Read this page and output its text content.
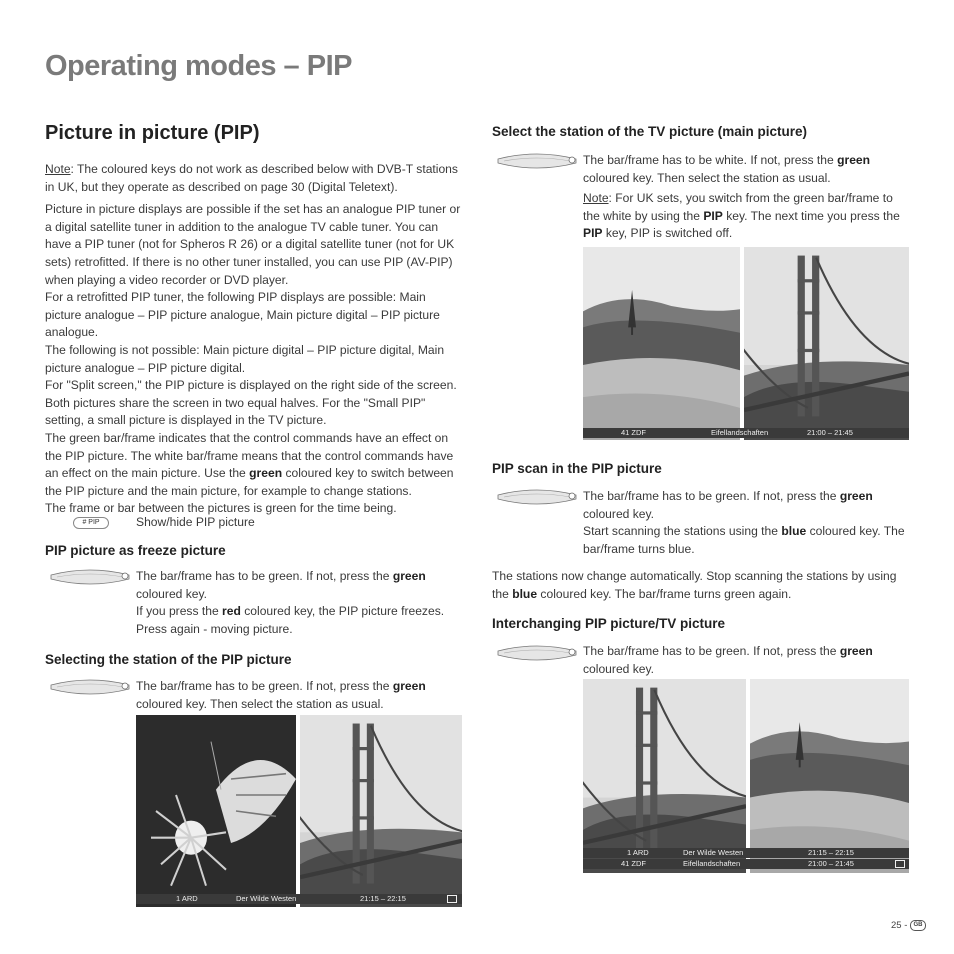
Operating modes – PIP
Picture in picture (PIP)

Note: The coloured keys do not work as described below with DVB-T stations in UK, but they operate as described on page 30 (Digital Teletext).

Picture in picture displays are possible if the set has an analogue PIP tuner or a digital satellite tuner in addition to the analogue TV cable tuner. You can have a PIP tuner (not for Spheros R 26) or a digital satellite tuner (not for UK sets) retrofitted. If there is no other tuner installed, you can use PIP (AV-PIP) when playing a video recorder or DVD player.

For a retrofitted PIP tuner, the following PIP displays are possible: Main picture analogue – PIP picture analogue, Main picture digital – PIP picture analogue.

The following is not possible: Main picture digital – PIP picture digital, Main picture analogue – PIP picture digital.

For "Split screen," the PIP picture is displayed on the right side of the screen. Both pictures share the screen in two equal halves. For the "Small PIP" setting, a small picture is displayed in the TV picture.

The green bar/frame indicates that the control commands have an effect on the PIP picture. The white bar/frame means that the control commands have an effect on the main picture. Use the green coloured key to switch between the PIP picture and the main picture, for example to change stations.

The frame or bar between the pictures is green for the time being.

# PIP	Show/hide PIP picture
PIP picture as freeze picture

The bar/frame has to be green. If not, press the green coloured key.

If you press the red coloured key, the PIP picture freezes. Press again - moving picture.

Selecting the station of the PIP picture

The bar/frame has to be green. If not, press the green coloured key. Then select the station as usual.

1 ARD	Der Wilde Westen	21:15 – 22:15
Select the station of the TV picture (main picture)

The bar/frame has to be white. If not, press the green coloured key. Then select the station as usual.

Note: For UK sets, you switch from the green bar/frame to the white by using the PIP key. The next time you press the PIP key, PIP is switched off.

41 ZDF	Eifellandschaften	21:00 – 21:45
PIP scan in the PIP picture

The bar/frame has to be green. If not, press the green coloured key.

Start scanning the stations using the blue coloured key. The bar/frame turns blue.

The stations now change automatically. Stop scanning the stations by using the blue coloured key. The bar/frame turns green again.

Interchanging PIP picture/TV picture

The bar/frame has to be green. If not, press the green coloured key.

1 ARD	Der Wilde Westen	21:15 – 22:15
41 ZDF	Eifellandschaften	21:00 – 21:45
25 - GB
